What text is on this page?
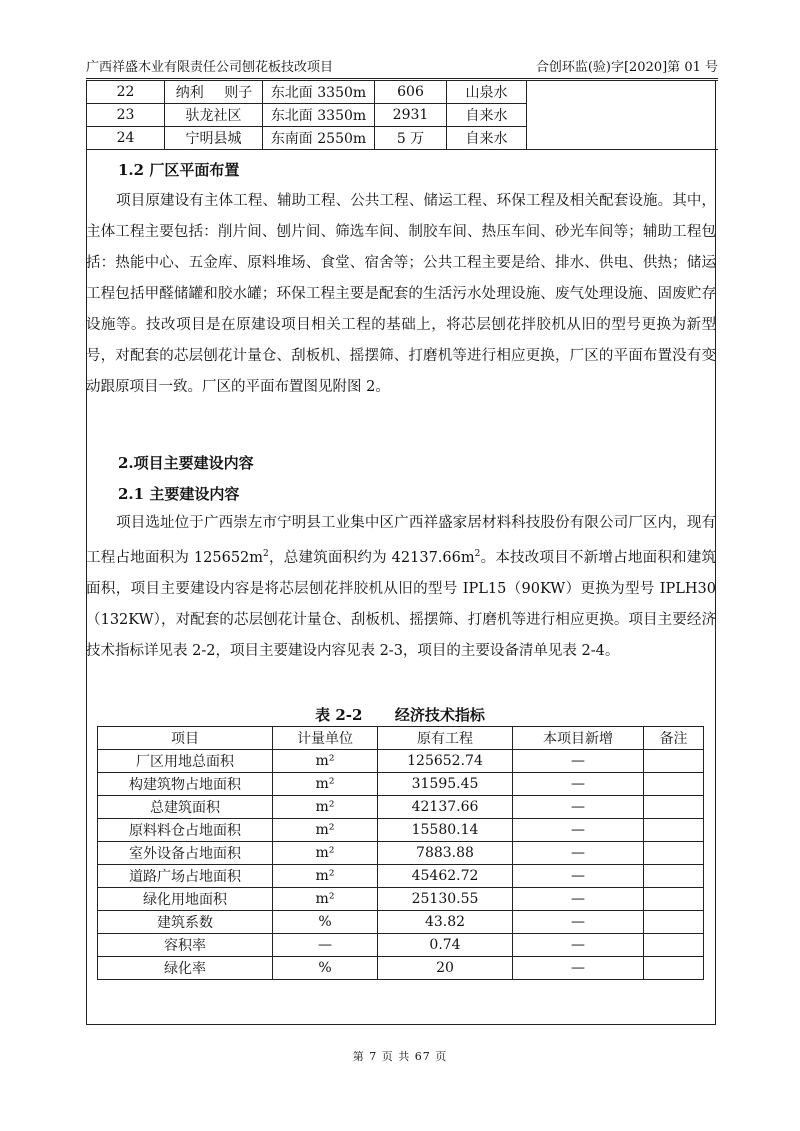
广西祥盛木业有限责任公司刨花板技改项目	合创环监(验)字[2020]第 01 号
22	纳利	则子	东北面 3350m	606	山泉水	
23	驮龙社区		东北面 3350m	2931	自来水	
24	宁明县城		东南面 2550m	5 万	自来水	
1.2 厂区平面布置

项目原建设有主体工程、辅助工程、公共工程、储运工程、环保工程及相关配套设施。其中，主体工程主要包括：削片间、刨片间、筛选车间、制胶车间、热压车间、砂光车间等；辅助工程包括：热能中心、五金库、原料堆场、食堂、宿舍等；公共工程主要是给、排水、供电、供热；储运工程包括甲醛储罐和胶水罐；环保工程主要是配套的生活污水处理设施、废气处理设施、固废贮存设施等。技改项目是在原建设项目相关工程的基础上，将芯层刨花拌胶机从旧的型号更换为新型号，对配套的芯层刨花计量仓、刮板机、摇摆筛、打磨机等进行相应更换，厂区的平面布置没有变动跟原项目一致。厂区的平面布置图见附图 2。

2.项目主要建设内容
2.1 主要建设内容

项目选址位于广西崇左市宁明县工业集中区广西祥盛家居材料科技股份有限公司厂区内，现有工程占地面积为 $125652m^2$，总建筑面积约为 $42137.66m^2$。本技改项目不新增占地面积和建筑面积，项目主要建设内容是将芯层刨花拌胶机从旧的型号 IPL15（90KW）更换为型号 IPLH30（132KW），对配套的芯层刨花计量仓、刮板机、摇摆筛、打磨机等进行相应更换。项目主要经济技术指标详见表 2-2，项目主要建设内容见表 2-3，项目的主要设备清单见表 2-4。

表 2-2 经济技术指标
项目	计量单位	原有工程	本项目新增	备注
厂区用地总面积	m²	125652.74	—	
构建筑物占地面积	m²	31595.45	—	
总建筑面积	m²	42137.66	—	
原料料仓占地面积	m²	15580.14	—	
室外设备占地面积	m²	7883.88	—	
道路广场占地面积	m²	45462.72	—	
绿化用地面积	m²	25130.55	—	
建筑系数	%	43.82	—	
容积率	—	0.74	—	
绿化率	%	20	—	
第 7 页 共 67 页
